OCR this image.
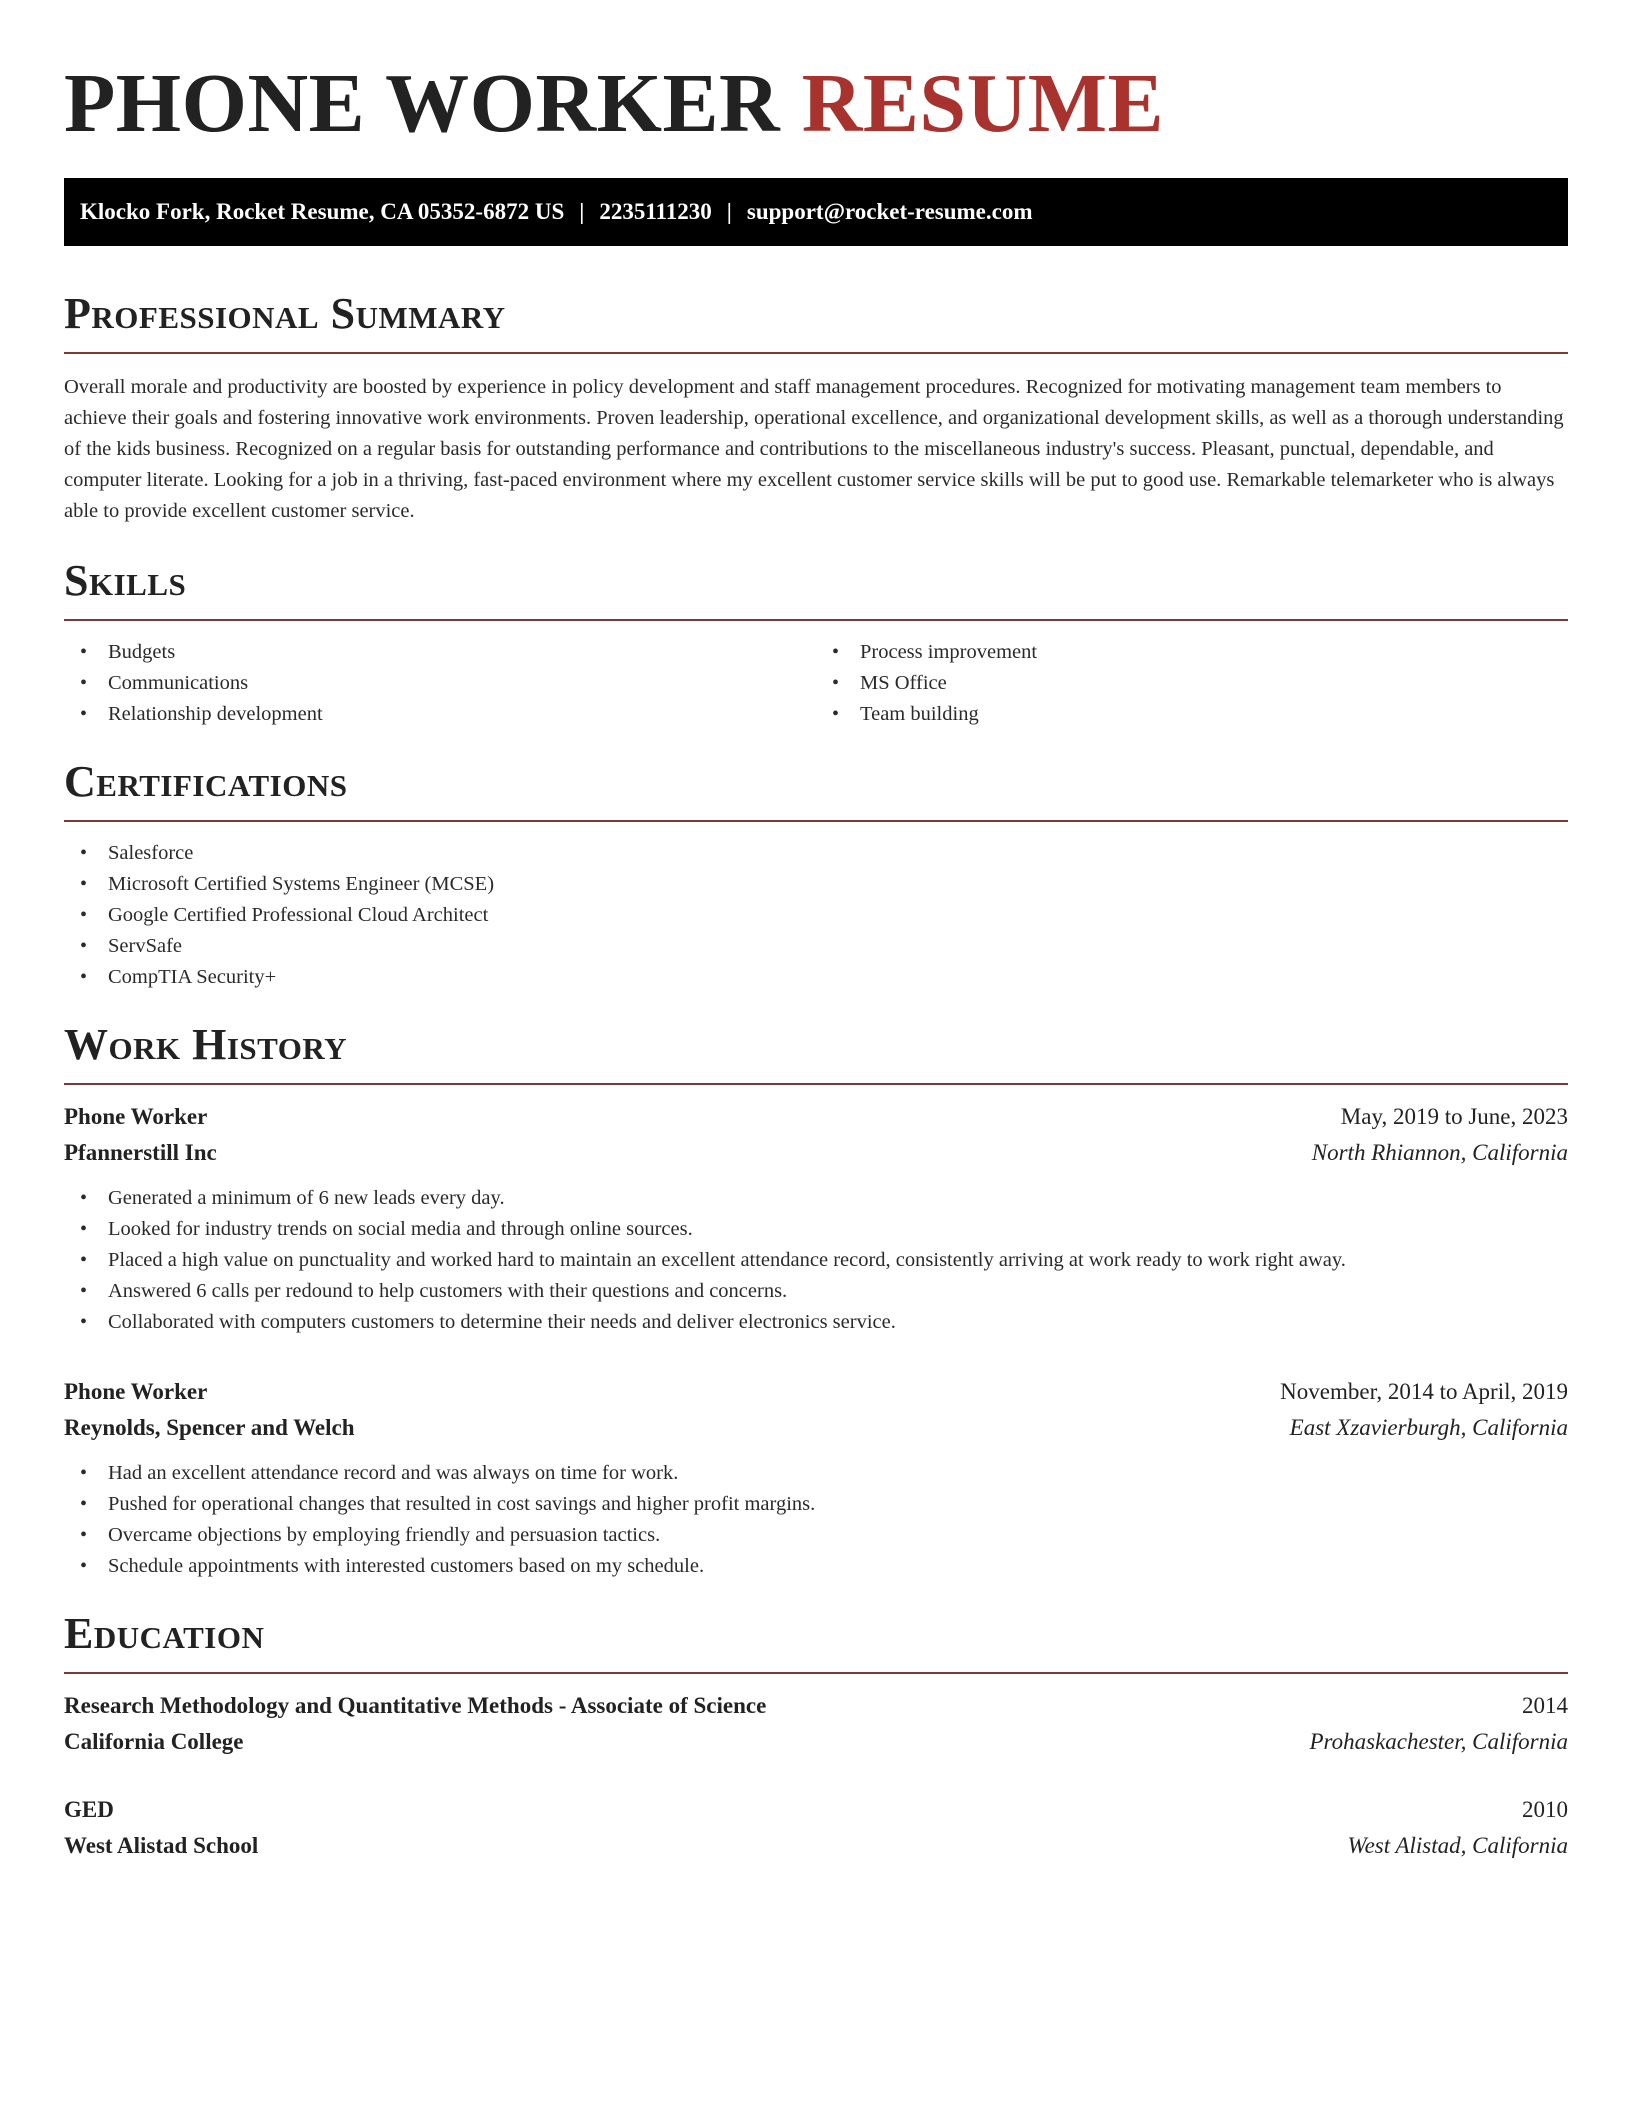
PHONE WORKER RESUME
Klocko Fork, Rocket Resume, CA 05352-6872 US | 2235111230 | support@rocket-resume.com
Professional Summary

Overall morale and productivity are boosted by experience in policy development and staff management procedures. Recognized for motivating management team members to achieve their goals and fostering innovative work environments. Proven leadership, operational excellence, and organizational development skills, as well as a thorough understanding of the kids business. Recognized on a regular basis for outstanding performance and contributions to the miscellaneous industry's success. Pleasant, punctual, dependable, and computer literate. Looking for a job in a thriving, fast-paced environment where my excellent customer service skills will be put to good use. Remarkable telemarketer who is always able to provide excellent customer service.

Skills
• Budgets
• Communications
• Relationship development
• Process improvement
• MS Office
• Team building
Certifications
• Salesforce
• Microsoft Certified Systems Engineer (MCSE)
• Google Certified Professional Cloud Architect
• ServSafe
• CompTIA Security+
Work History
Phone Worker	May, 2019 to June, 2023
Pfannerstill Inc	North Rhiannon, California
• Generated a minimum of 6 new leads every day.
• Looked for industry trends on social media and through online sources.
• Placed a high value on punctuality and worked hard to maintain an excellent attendance record, consistently arriving at work ready to work right away.
• Answered 6 calls per redound to help customers with their questions and concerns.
• Collaborated with computers customers to determine their needs and deliver electronics service.
Phone Worker	November, 2014 to April, 2019
Reynolds, Spencer and Welch	East Xzavierburgh, California
• Had an excellent attendance record and was always on time for work.
• Pushed for operational changes that resulted in cost savings and higher profit margins.
• Overcame objections by employing friendly and persuasion tactics.
• Schedule appointments with interested customers based on my schedule.
Education
Research Methodology and Quantitative Methods - Associate of Science	2014
California College	Prohaskachester, California
GED	2010
West Alistad School	West Alistad, California
